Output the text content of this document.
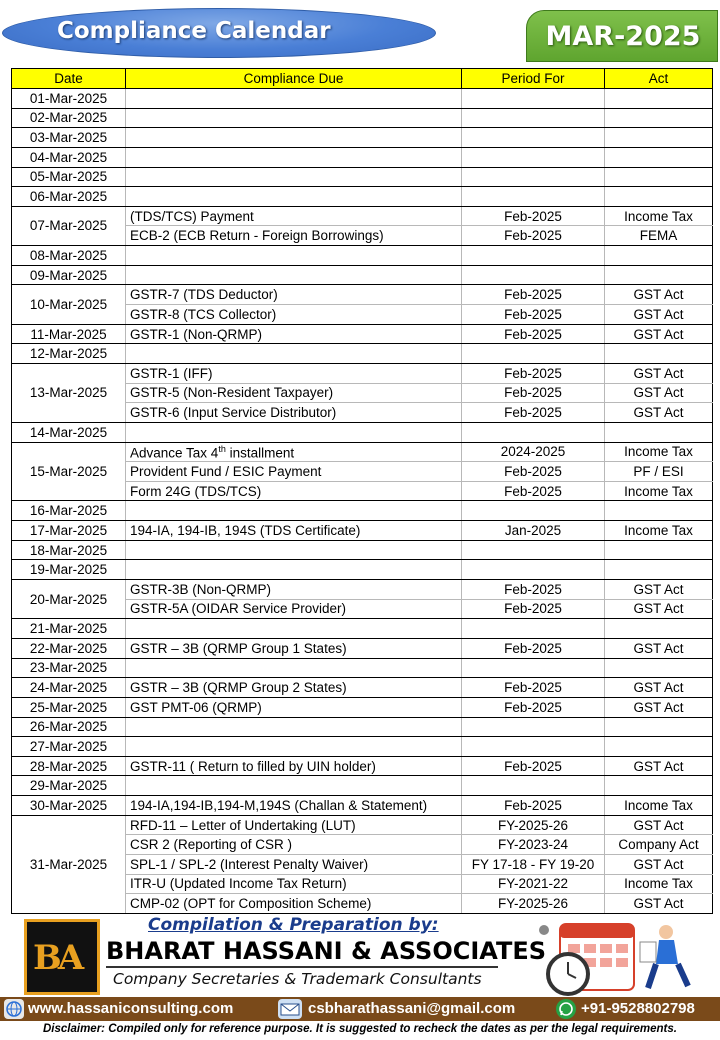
Compliance Calendar	MAR-2025
Date	Compliance Due	Period For	Act
01-Mar-2025			
02-Mar-2025			
03-Mar-2025			
04-Mar-2025			
05-Mar-2025			
06-Mar-2025			
07-Mar-2025	(TDS/TCS) Payment	Feb-2025	Income Tax
	ECB-2 (ECB Return - Foreign Borrowings)	Feb-2025	FEMA
08-Mar-2025			
09-Mar-2025			
10-Mar-2025	GSTR-7 (TDS Deductor)	Feb-2025	GST Act
	GSTR-8 (TCS Collector)	Feb-2025	GST Act
11-Mar-2025	GSTR-1 (Non-QRMP)	Feb-2025	GST Act
12-Mar-2025			
13-Mar-2025	GSTR-1 (IFF)	Feb-2025	GST Act
	GSTR-5 (Non-Resident Taxpayer)	Feb-2025	GST Act
	GSTR-6 (Input Service Distributor)	Feb-2025	GST Act
14-Mar-2025			
15-Mar-2025	Advance Tax 4th installment	2024-2025	Income Tax
	Provident Fund / ESIC Payment	Feb-2025	PF / ESI
	Form 24G (TDS/TCS)	Feb-2025	Income Tax
16-Mar-2025			
17-Mar-2025	194-IA, 194-IB, 194S (TDS Certificate)	Jan-2025	Income Tax
18-Mar-2025			
19-Mar-2025			
20-Mar-2025	GSTR-3B (Non-QRMP)	Feb-2025	GST Act
	GSTR-5A (OIDAR Service Provider)	Feb-2025	GST Act
21-Mar-2025			
22-Mar-2025	GSTR – 3B (QRMP Group 1 States)	Feb-2025	GST Act
23-Mar-2025			
24-Mar-2025	GSTR – 3B (QRMP Group 2 States)	Feb-2025	GST Act
25-Mar-2025	GST PMT-06 (QRMP)	Feb-2025	GST Act
26-Mar-2025			
27-Mar-2025			
28-Mar-2025	GSTR-11 ( Return to filled by UIN holder)	Feb-2025	GST Act
29-Mar-2025			
30-Mar-2025	194-IA,194-IB,194-M,194S (Challan & Statement)	Feb-2025	Income Tax
31-Mar-2025	RFD-11 – Letter of Undertaking (LUT)	FY-2025-26	GST Act
	CSR 2 (Reporting of CSR )	FY-2023-24	Company Act
	SPL-1 / SPL-2 (Interest Penalty Waiver)	FY 17-18 - FY 19-20	GST Act
	ITR-U (Updated Income Tax Return)	FY-2021-22	Income Tax
	CMP-02 (OPT for Composition Scheme)	FY-2025-26	GST Act
Compilation & Preparation by:
BA BHARAT HASSANI & ASSOCIATES
Company Secretaries & Trademark Consultants
www.hassaniconsulting.com	csbharathassani@gmail.com	+91-9528802798
Disclaimer: Compiled only for reference purpose. It is suggested to recheck the dates as per the legal requirements.
